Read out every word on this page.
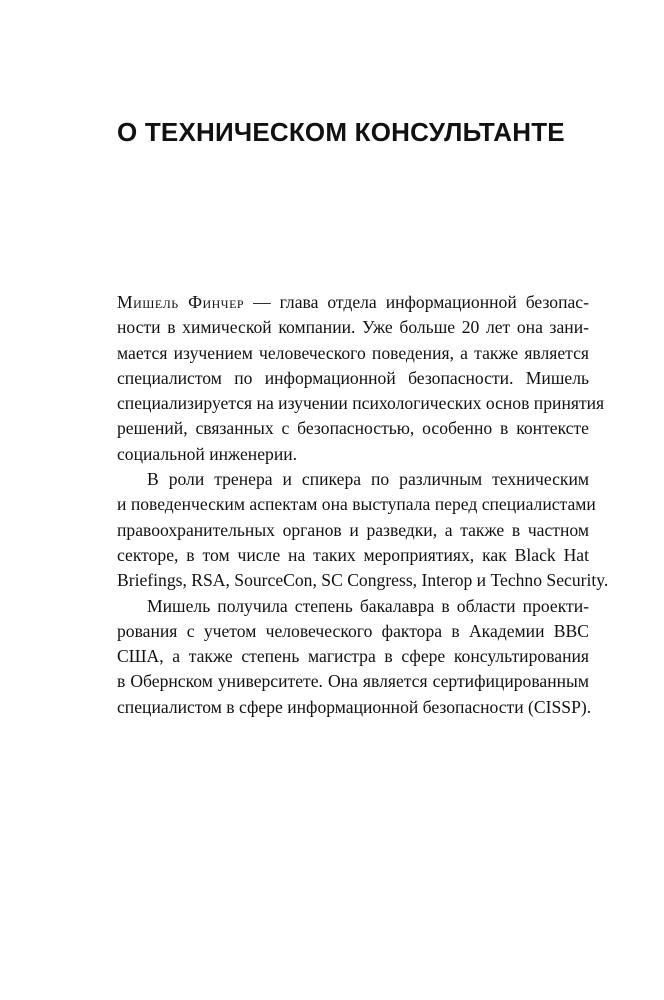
О ТЕХНИЧЕСКОМ КОНСУЛЬТАНТЕ

Мишель Финчер — глава отдела информационной безопас-
ности в химической компании. Уже больше 20 лет она зани-
мается изучением человеческого поведения, а также является
специалистом по информационной безопасности. Мишель
специализируется на изучении психологических основ принятия
решений, связанных с безопасностью, особенно в контексте
социальной инженерии.

В роли тренера и спикера по различным техническим
и поведенческим аспектам она выступала перед специалистами
правоохранительных органов и разведки, а также в частном
секторе, в том числе на таких мероприятиях, как Black Hat
Briefings, RSA, SourceCon, SC Congress, Interop и Techno Security.

Мишель получила степень бакалавра в области проекти-
рования с учетом человеческого фактора в Академии ВВС
США, а также степень магистра в сфере консультирования
в Обернском университете. Она является сертифицированным
специалистом в сфере информационной безопасности (CISSP).
